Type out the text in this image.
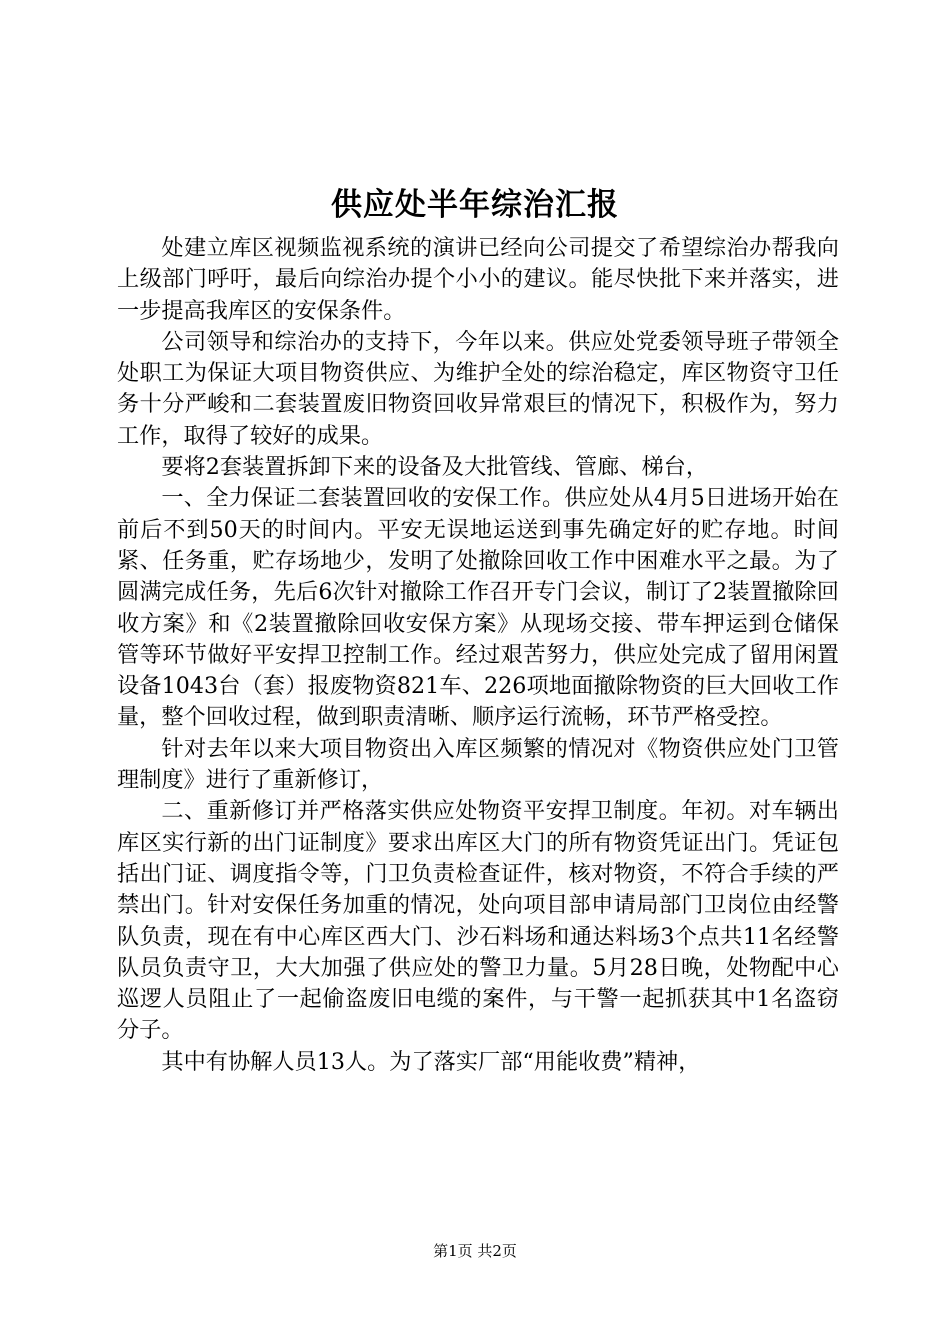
供应处半年综治汇报

处建立库区视频监视系统的演讲已经向公司提交了希望综治办帮我向上级部门呼吁，最后向综治办提个小小的建议。能尽快批下来并落实，进一步提高我库区的安保条件。

公司领导和综治办的支持下，今年以来。供应处党委领导班子带领全处职工为保证大项目物资供应、为维护全处的综治稳定，库区物资守卫任务十分严峻和二套装置废旧物资回收异常艰巨的情况下，积极作为，努力工作，取得了较好的成果。

要将2套装置拆卸下来的设备及大批管线、管廊、梯台，

一、全力保证二套装置回收的安保工作。供应处从4月5日进场开始在前后不到50天的时间内。平安无误地运送到事先确定好的贮存地。时间紧、任务重，贮存场地少，发明了处撤除回收工作中困难水平之最。为了圆满完成任务，先后6次针对撤除工作召开专门会议，制订了2装置撤除回收方案》和《2装置撤除回收安保方案》从现场交接、带车押运到仓储保管等环节做好平安捍卫控制工作。经过艰苦努力，供应处完成了留用闲置设备1043台（套）报废物资821车、226项地面撤除物资的巨大回收工作量，整个回收过程，做到职责清晰、顺序运行流畅，环节严格受控。

针对去年以来大项目物资出入库区频繁的情况对《物资供应处门卫管理制度》进行了重新修订，

二、重新修订并严格落实供应处物资平安捍卫制度。年初。对车辆出库区实行新的出门证制度》要求出库区大门的所有物资凭证出门。凭证包括出门证、调度指令等，门卫负责检查证件，核对物资，不符合手续的严禁出门。针对安保任务加重的情况，处向项目部申请局部门卫岗位由经警队负责，现在有中心库区西大门、沙石料场和通达料场3个点共11名经警队员负责守卫，大大加强了供应处的警卫力量。5月28日晚，处物配中心巡逻人员阻止了一起偷盗废旧电缆的案件，与干警一起抓获其中1名盗窃分子。

其中有协解人员13人。为了落实厂部“用能收费”精神，

第1页 共2页
